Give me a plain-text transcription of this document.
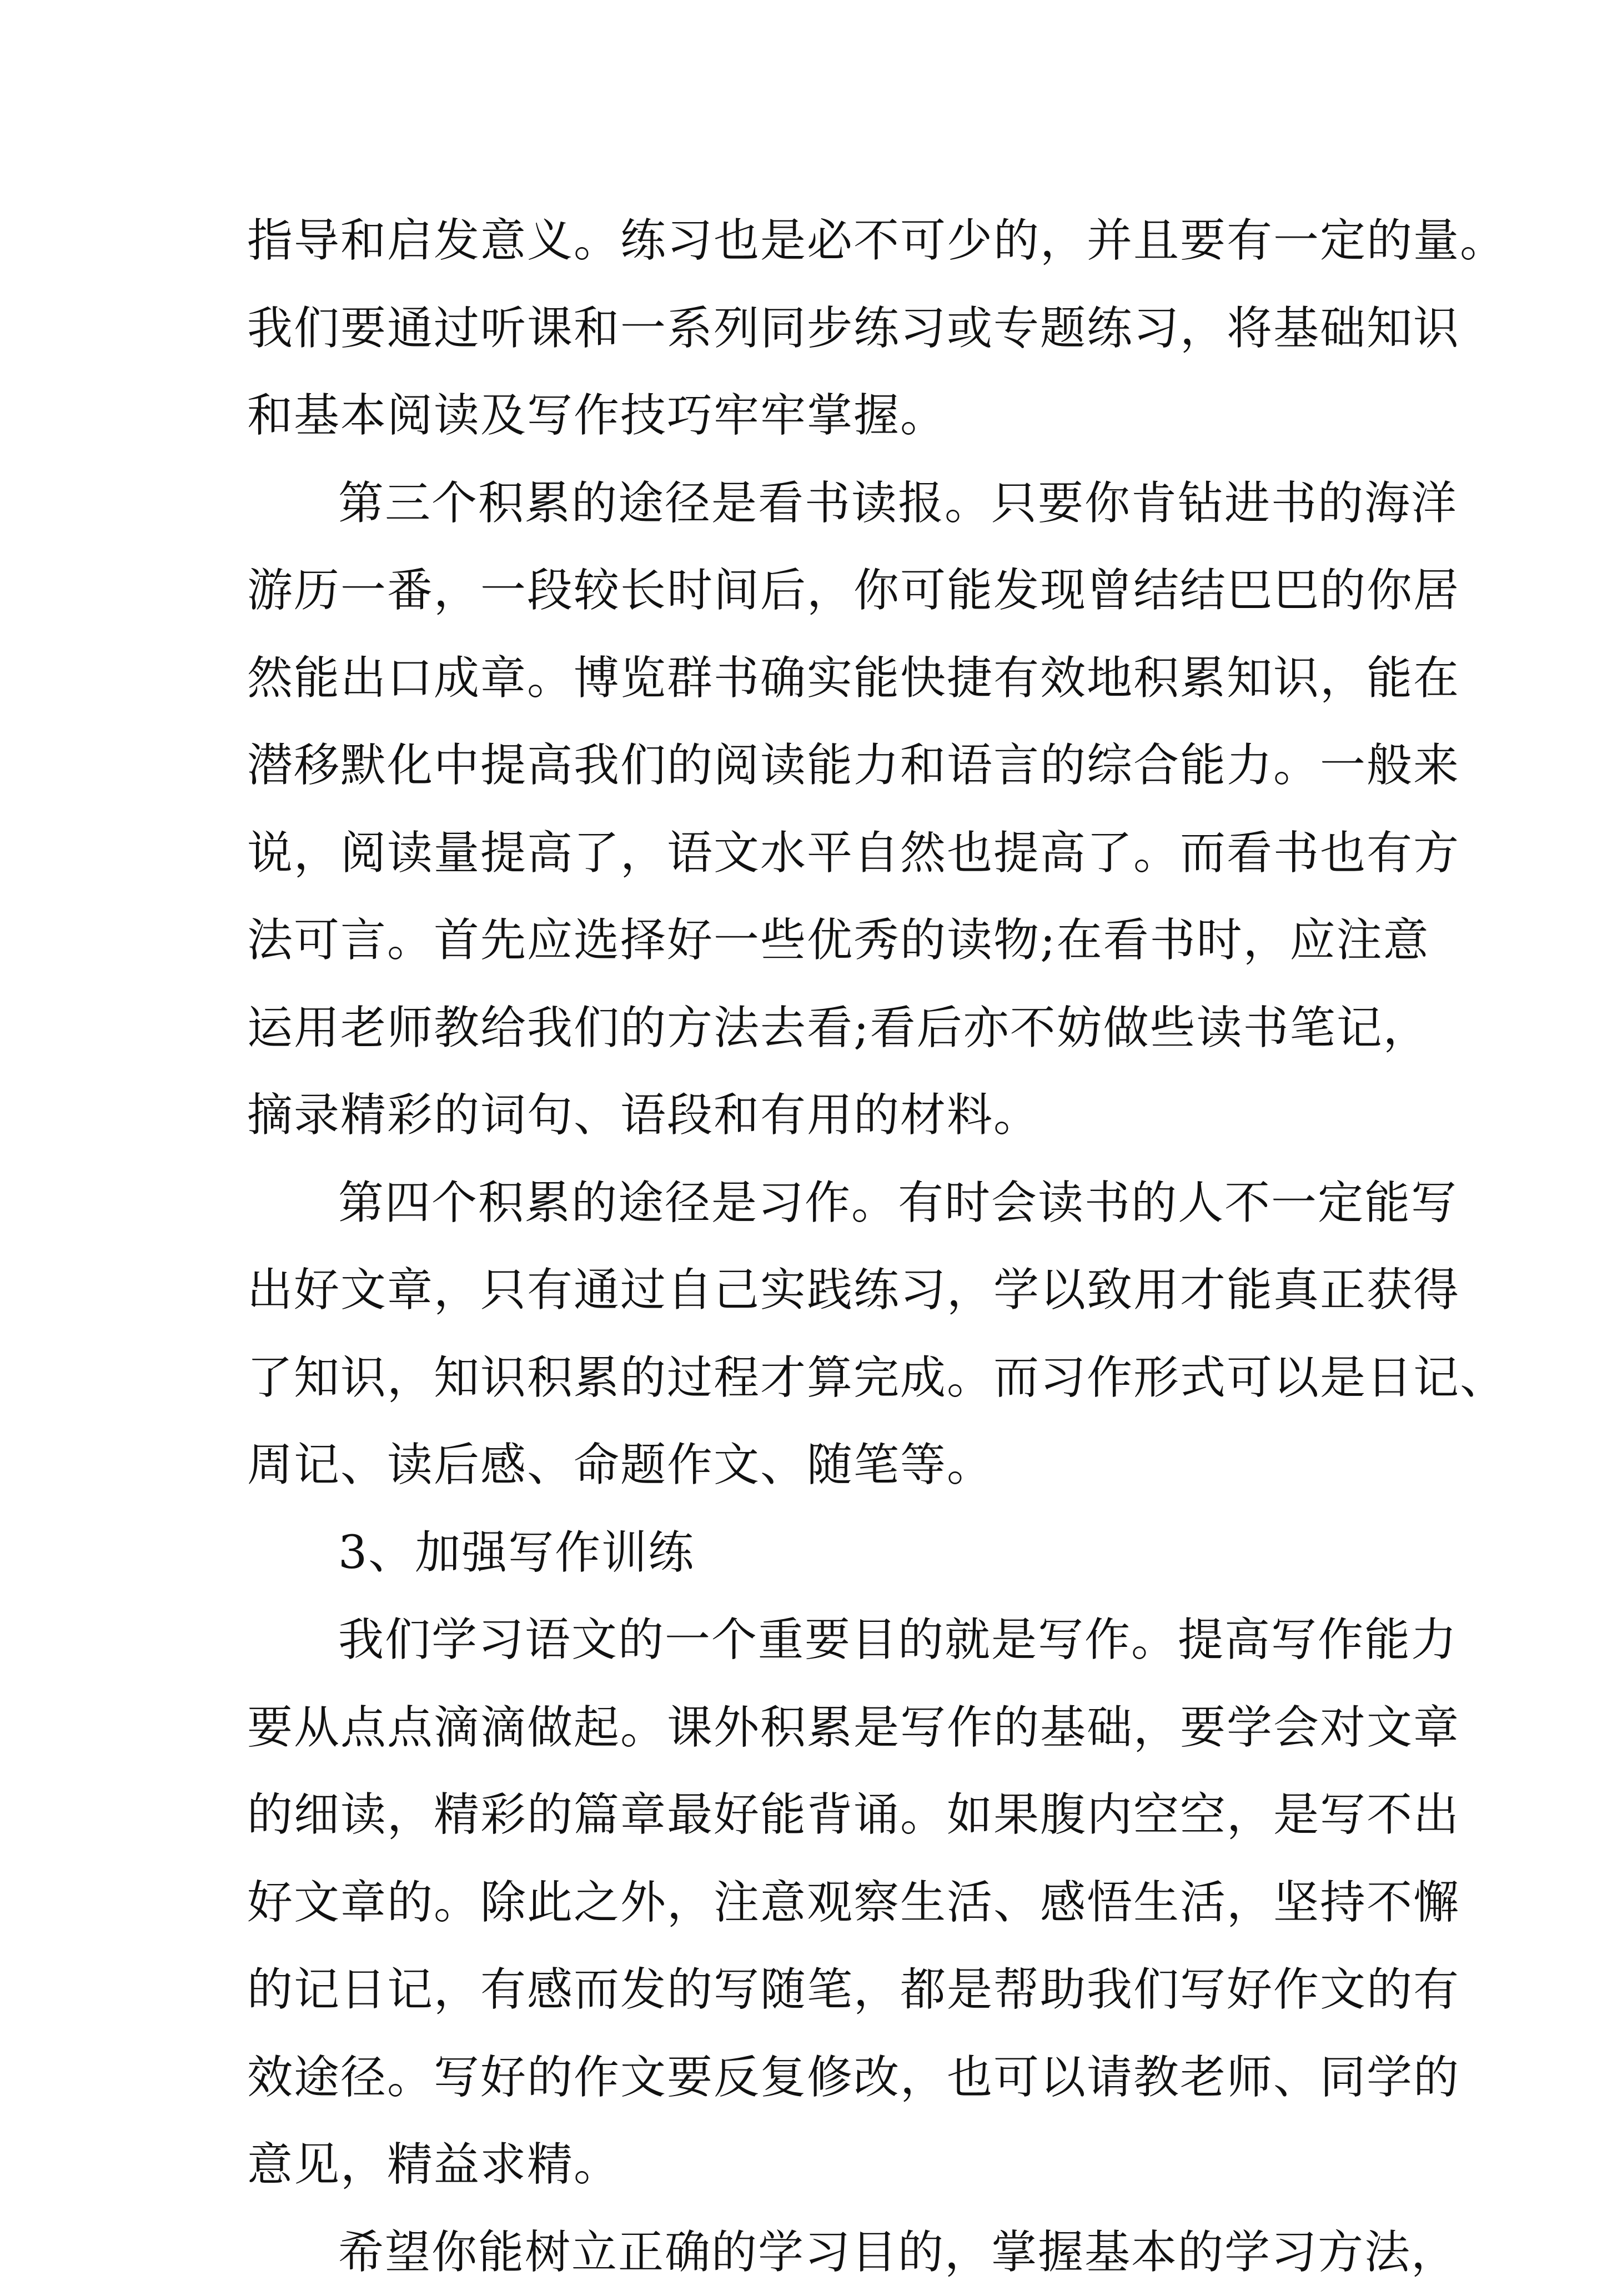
指导和启发意义。练习也是必不可少的，并且要有一定的量。
我们要通过听课和一系列同步练习或专题练习，将基础知识
和基本阅读及写作技巧牢牢掌握。
第三个积累的途径是看书读报。只要你肯钻进书的海洋
游历一番，一段较长时间后，你可能发现曾结结巴巴的你居
然能出口成章。博览群书确实能快捷有效地积累知识，能在
潜移默化中提高我们的阅读能力和语言的综合能力。一般来
说，阅读量提高了，语文水平自然也提高了。而看书也有方
法可言。首先应选择好一些优秀的读物;在看书时，应注意
运用老师教给我们的方法去看;看后亦不妨做些读书笔记，
摘录精彩的词句、语段和有用的材料。
第四个积累的途径是习作。有时会读书的人不一定能写
出好文章，只有通过自己实践练习，学以致用才能真正获得
了知识，知识积累的过程才算完成。而习作形式可以是日记、
周记、读后感、命题作文、随笔等。
3、加强写作训练
我们学习语文的一个重要目的就是写作。提高写作能力
要从点点滴滴做起。课外积累是写作的基础，要学会对文章
的细读，精彩的篇章最好能背诵。如果腹内空空，是写不出
好文章的。除此之外，注意观察生活、感悟生活，坚持不懈
的记日记，有感而发的写随笔，都是帮助我们写好作文的有
效途径。写好的作文要反复修改，也可以请教老师、同学的
意见，精益求精。
希望你能树立正确的学习目的，掌握基本的学习方法，
